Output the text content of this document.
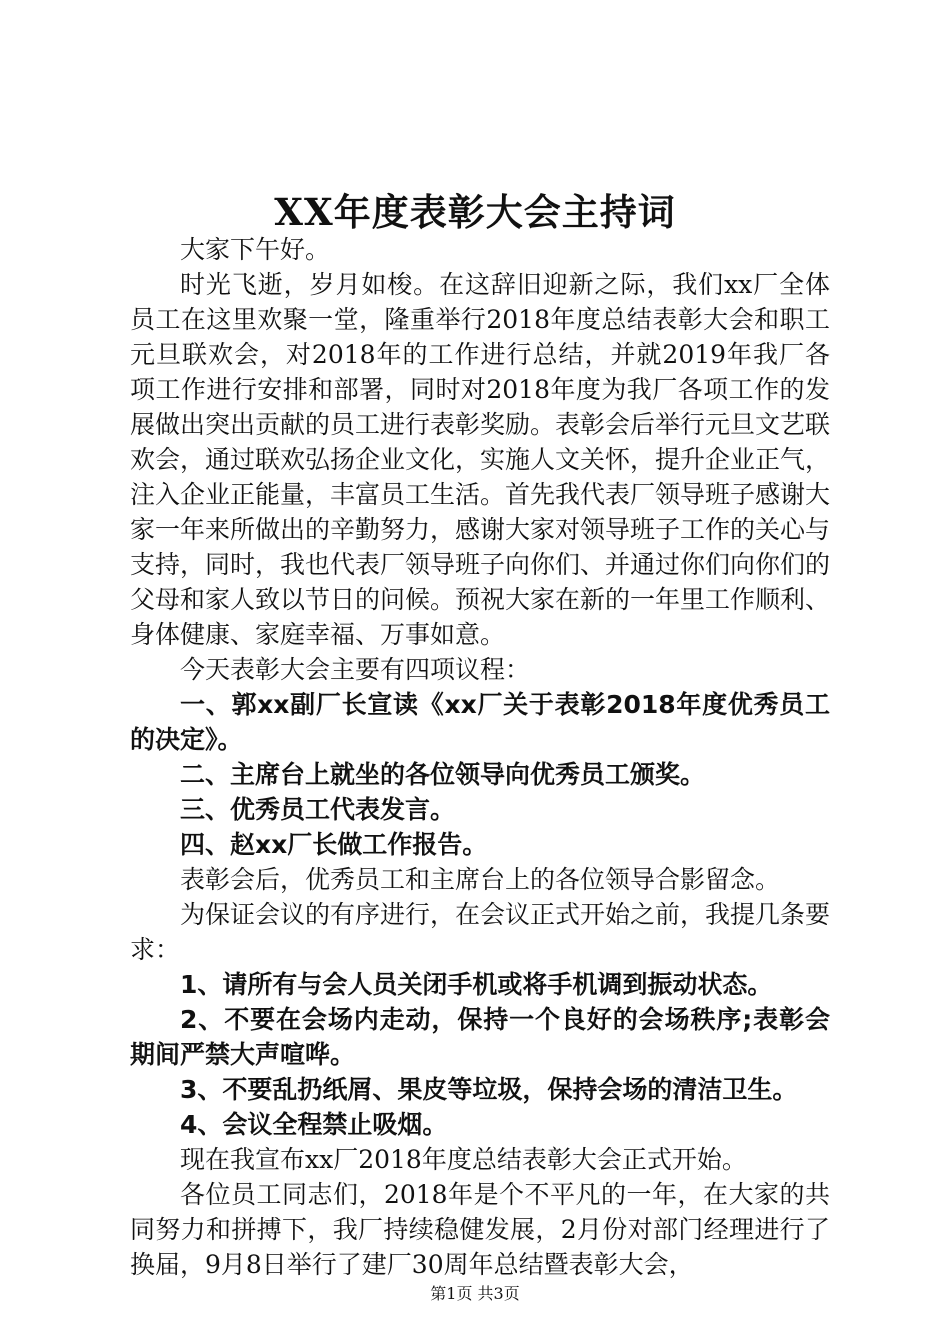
XX年度表彰大会主持词

大家下午好。

时光飞逝，岁月如梭。在这辞旧迎新之际，我们xx厂全体员工在这里欢聚一堂，隆重举行2018年度总结表彰大会和职工元旦联欢会，对2018年的工作进行总结，并就2019年我厂各项工作进行安排和部署，同时对2018年度为我厂各项工作的发展做出突出贡献的员工进行表彰奖励。表彰会后举行元旦文艺联欢会，通过联欢弘扬企业文化，实施人文关怀，提升企业正气，注入企业正能量，丰富员工生活。首先我代表厂领导班子感谢大家一年来所做出的辛勤努力，感谢大家对领导班子工作的关心与支持，同时，我也代表厂领导班子向你们、并通过你们向你们的父母和家人致以节日的问候。预祝大家在新的一年里工作顺利、身体健康、家庭幸福、万事如意。

今天表彰大会主要有四项议程：

一、郭xx副厂长宣读《xx厂关于表彰2018年度优秀员工的决定》。

二、主席台上就坐的各位领导向优秀员工颁奖。

三、优秀员工代表发言。

四、赵xx厂长做工作报告。

表彰会后，优秀员工和主席台上的各位领导合影留念。

为保证会议的有序进行，在会议正式开始之前，我提几条要求：

1、请所有与会人员关闭手机或将手机调到振动状态。

2、不要在会场内走动，保持一个良好的会场秩序;表彰会期间严禁大声喧哗。

3、不要乱扔纸屑、果皮等垃圾，保持会场的清洁卫生。

4、会议全程禁止吸烟。

现在我宣布xx厂2018年度总结表彰大会正式开始。

各位员工同志们，2018年是个不平凡的一年，在大家的共同努力和拼搏下，我厂持续稳健发展，2月份对部门经理进行了换届，9月8日举行了建厂30周年总结暨表彰大会，

第1页 共3页
